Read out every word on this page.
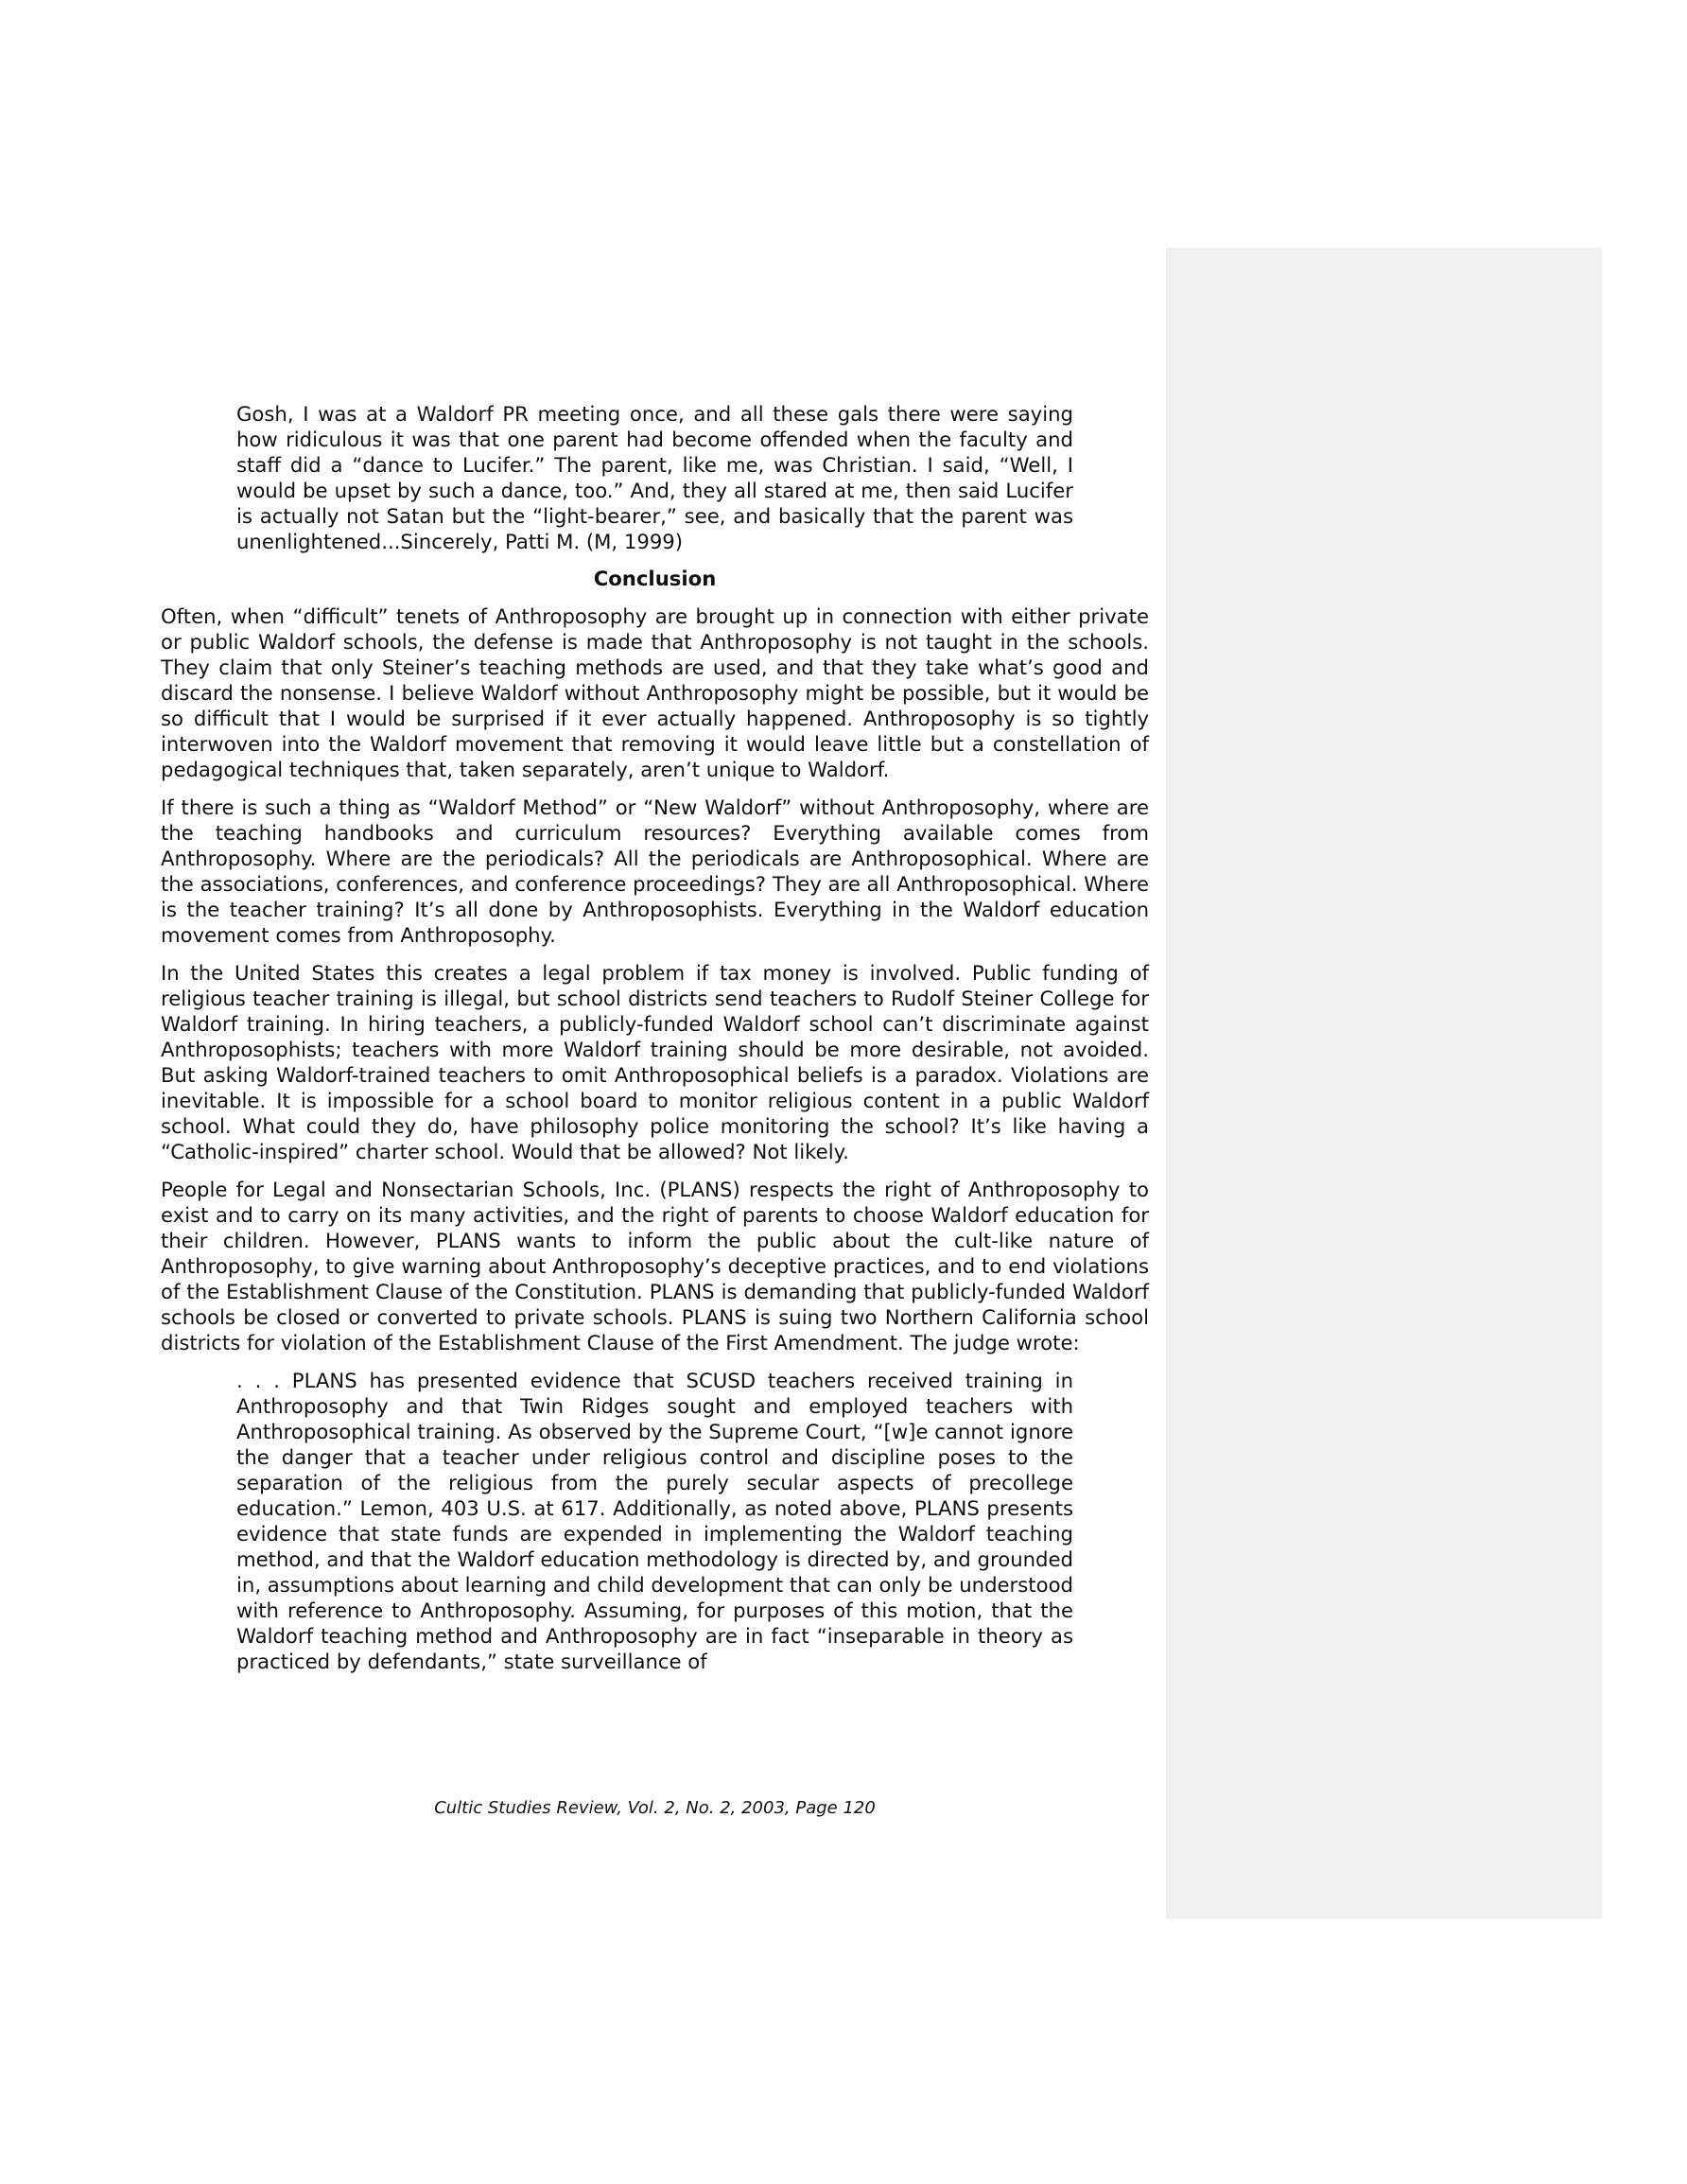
Gosh, I was at a Waldorf PR meeting once, and all these gals there were saying how ridiculous it was that one parent had become offended when the faculty and staff did a “dance to Lucifer.” The parent, like me, was Christian. I said, “Well, I would be upset by such a dance, too.” And, they all stared at me, then said Lucifer is actually not Satan but the “light-bearer,” see, and basically that the parent was unenlightened...Sincerely, Patti M. (M, 1999)

Conclusion

Often, when “difficult” tenets of Anthroposophy are brought up in connection with either private or public Waldorf schools, the defense is made that Anthroposophy is not taught in the schools. They claim that only Steiner’s teaching methods are used, and that they take what’s good and discard the nonsense. I believe Waldorf without Anthroposophy might be possible, but it would be so difficult that I would be surprised if it ever actually happened. Anthroposophy is so tightly interwoven into the Waldorf movement that removing it would leave little but a constellation of pedagogical techniques that, taken separately, aren’t unique to Waldorf.

If there is such a thing as “Waldorf Method” or “New Waldorf” without Anthroposophy, where are the teaching handbooks and curriculum resources? Everything available comes from Anthroposophy. Where are the periodicals? All the periodicals are Anthroposophical. Where are the associations, conferences, and conference proceedings? They are all Anthroposophical. Where is the teacher training? It’s all done by Anthroposophists. Everything in the Waldorf education movement comes from Anthroposophy.

In the United States this creates a legal problem if tax money is involved. Public funding of religious teacher training is illegal, but school districts send teachers to Rudolf Steiner College for Waldorf training. In hiring teachers, a publicly-funded Waldorf school can’t discriminate against Anthroposophists; teachers with more Waldorf training should be more desirable, not avoided. But asking Waldorf-trained teachers to omit Anthroposophical beliefs is a paradox. Violations are inevitable. It is impossible for a school board to monitor religious content in a public Waldorf school. What could they do, have philosophy police monitoring the school? It’s like having a “Catholic-inspired” charter school. Would that be allowed? Not likely.

People for Legal and Nonsectarian Schools, Inc. (PLANS) respects the right of Anthroposophy to exist and to carry on its many activities, and the right of parents to choose Waldorf education for their children. However, PLANS wants to inform the public about the cult-like nature of Anthroposophy, to give warning about Anthroposophy’s deceptive practices, and to end violations of the Establishment Clause of the Constitution. PLANS is demanding that publicly-funded Waldorf schools be closed or converted to private schools. PLANS is suing two Northern California school districts for violation of the Establishment Clause of the First Amendment. The judge wrote:

. . . PLANS has presented evidence that SCUSD teachers received training in Anthroposophy and that Twin Ridges sought and employed teachers with Anthroposophical training. As observed by the Supreme Court, “[w]e cannot ignore the danger that a teacher under religious control and discipline poses to the separation of the religious from the purely secular aspects of precollege education.” Lemon, 403 U.S. at 617. Additionally, as noted above, PLANS presents evidence that state funds are expended in implementing the Waldorf teaching method, and that the Waldorf education methodology is directed by, and grounded in, assumptions about learning and child development that can only be understood with reference to Anthroposophy. Assuming, for purposes of this motion, that the Waldorf teaching method and Anthroposophy are in fact “inseparable in theory as practiced by defendants,” state surveillance of

Cultic Studies Review, Vol. 2, No. 2, 2003, Page 120
